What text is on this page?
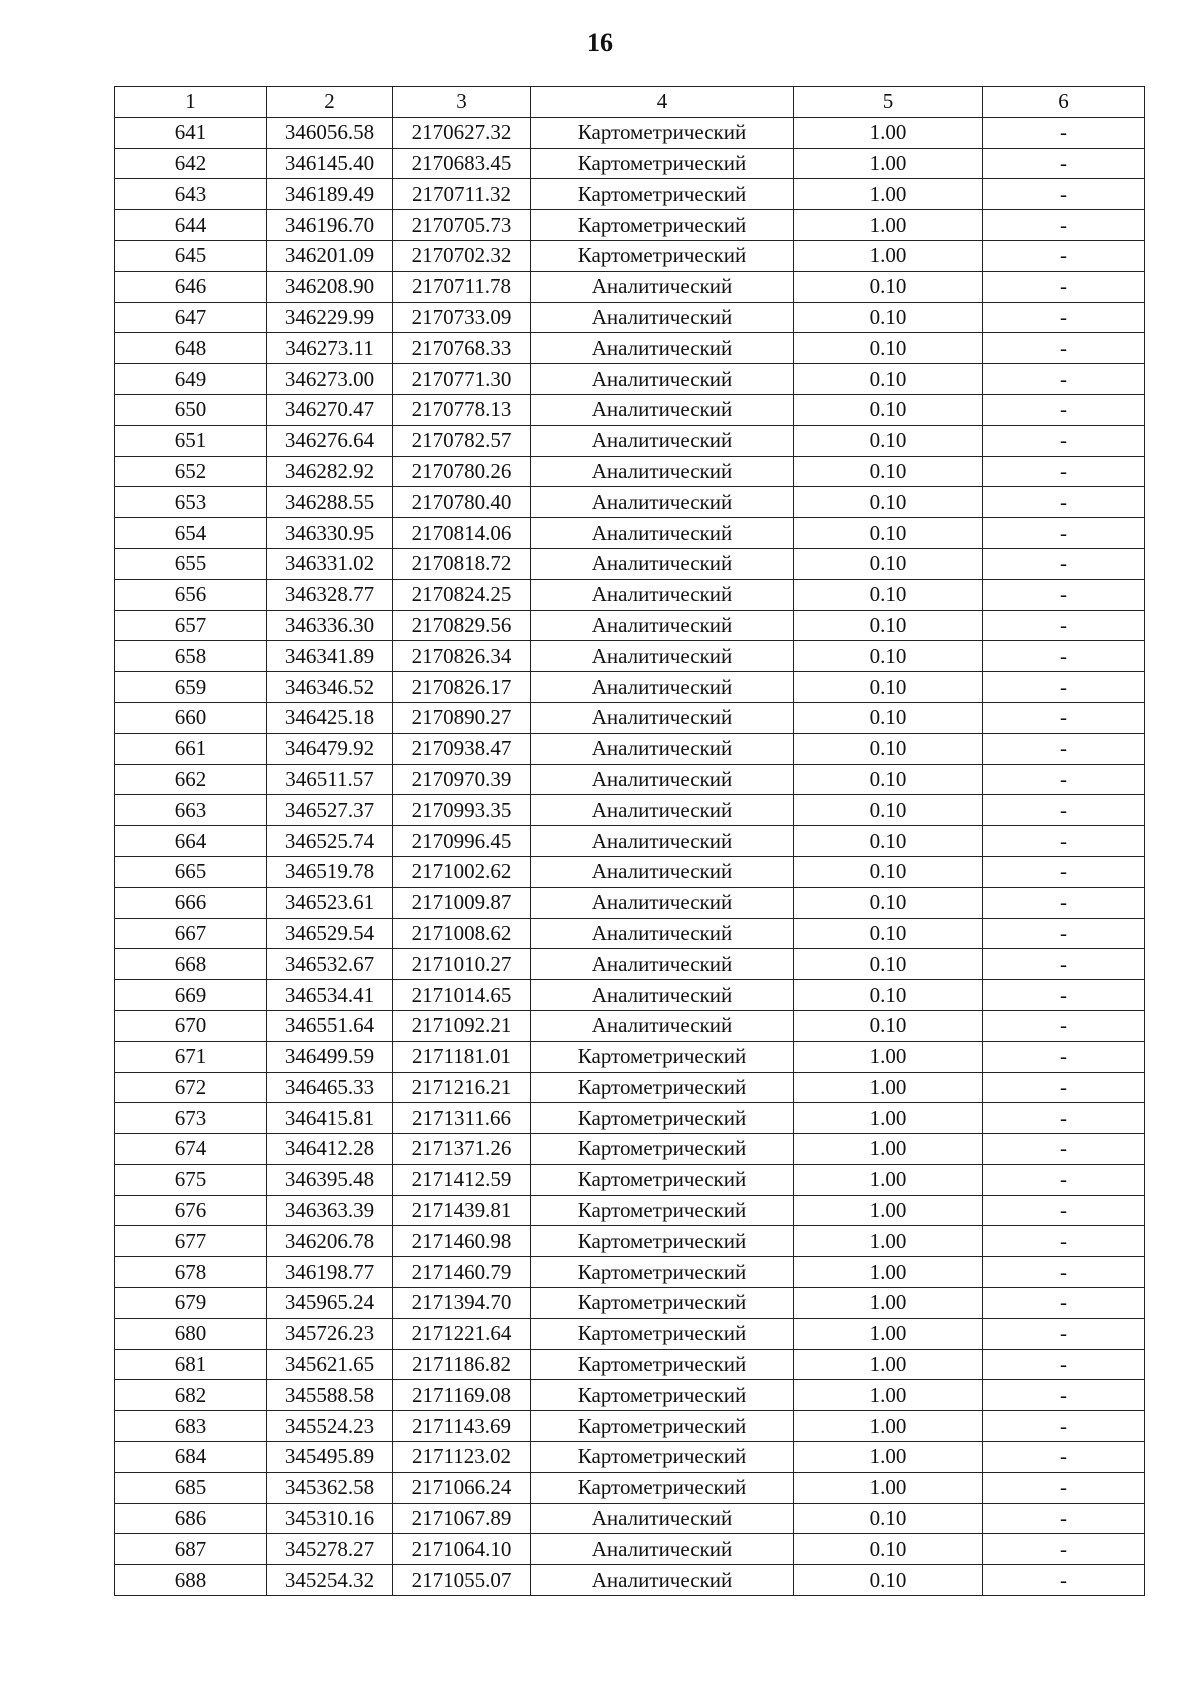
16
1	2	3	4	5	6
641	346056.58	2170627.32	Картометрический	1.00	-
642	346145.40	2170683.45	Картометрический	1.00	-
643	346189.49	2170711.32	Картометрический	1.00	-
644	346196.70	2170705.73	Картометрический	1.00	-
645	346201.09	2170702.32	Картометрический	1.00	-
646	346208.90	2170711.78	Аналитический	0.10	-
647	346229.99	2170733.09	Аналитический	0.10	-
648	346273.11	2170768.33	Аналитический	0.10	-
649	346273.00	2170771.30	Аналитический	0.10	-
650	346270.47	2170778.13	Аналитический	0.10	-
651	346276.64	2170782.57	Аналитический	0.10	-
652	346282.92	2170780.26	Аналитический	0.10	-
653	346288.55	2170780.40	Аналитический	0.10	-
654	346330.95	2170814.06	Аналитический	0.10	-
655	346331.02	2170818.72	Аналитический	0.10	-
656	346328.77	2170824.25	Аналитический	0.10	-
657	346336.30	2170829.56	Аналитический	0.10	-
658	346341.89	2170826.34	Аналитический	0.10	-
659	346346.52	2170826.17	Аналитический	0.10	-
660	346425.18	2170890.27	Аналитический	0.10	-
661	346479.92	2170938.47	Аналитический	0.10	-
662	346511.57	2170970.39	Аналитический	0.10	-
663	346527.37	2170993.35	Аналитический	0.10	-
664	346525.74	2170996.45	Аналитический	0.10	-
665	346519.78	2171002.62	Аналитический	0.10	-
666	346523.61	2171009.87	Аналитический	0.10	-
667	346529.54	2171008.62	Аналитический	0.10	-
668	346532.67	2171010.27	Аналитический	0.10	-
669	346534.41	2171014.65	Аналитический	0.10	-
670	346551.64	2171092.21	Аналитический	0.10	-
671	346499.59	2171181.01	Картометрический	1.00	-
672	346465.33	2171216.21	Картометрический	1.00	-
673	346415.81	2171311.66	Картометрический	1.00	-
674	346412.28	2171371.26	Картометрический	1.00	-
675	346395.48	2171412.59	Картометрический	1.00	-
676	346363.39	2171439.81	Картометрический	1.00	-
677	346206.78	2171460.98	Картометрический	1.00	-
678	346198.77	2171460.79	Картометрический	1.00	-
679	345965.24	2171394.70	Картометрический	1.00	-
680	345726.23	2171221.64	Картометрический	1.00	-
681	345621.65	2171186.82	Картометрический	1.00	-
682	345588.58	2171169.08	Картометрический	1.00	-
683	345524.23	2171143.69	Картометрический	1.00	-
684	345495.89	2171123.02	Картометрический	1.00	-
685	345362.58	2171066.24	Картометрический	1.00	-
686	345310.16	2171067.89	Аналитический	0.10	-
687	345278.27	2171064.10	Аналитический	0.10	-
688	345254.32	2171055.07	Аналитический	0.10	-
